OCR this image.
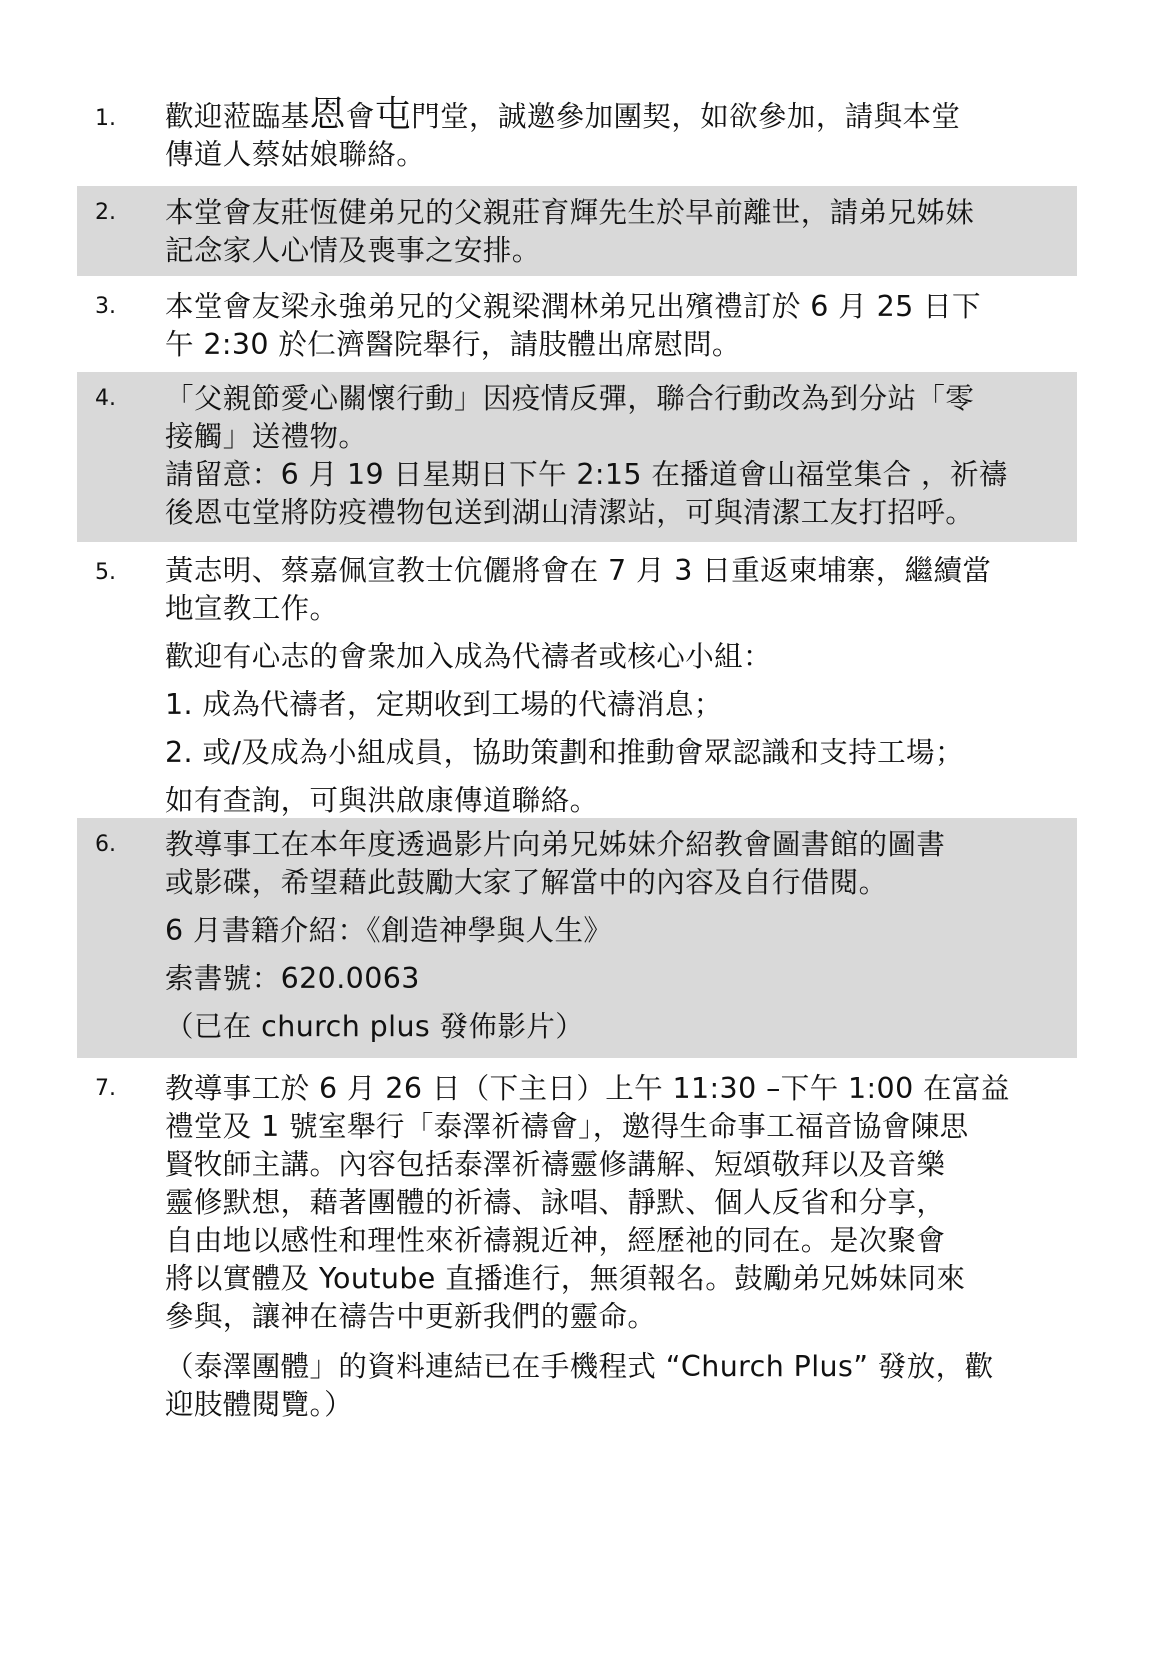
1. 歡迎蒞臨基恩會屯門堂，誠邀參加團契，如欲參加，請與本堂
傳道人蔡姑娘聯絡。
2. 本堂會友莊恆健弟兄的父親莊育輝先生於早前離世，請弟兄姊妹
記念家人心情及喪事之安排。
3. 本堂會友梁永強弟兄的父親梁潤林弟兄出殯禮訂於 6 月 25 日下
午 2:30 於仁濟醫院舉行，請肢體出席慰問。
4. 「父親節愛心關懷行動」因疫情反彈，聯合行動改為到分站「零
接觸」送禮物。
請留意：6 月 19 日星期日下午 2:15 在播道會山福堂集合 ，祈禱
後恩屯堂將防疫禮物包送到湖山清潔站，可與清潔工友打招呼。
5. 黃志明、蔡嘉佩宣教士伉儷將會在 7 月 3 日重返柬埔寨，繼續當
地宣教工作。
歡迎有心志的會衆加入成為代禱者或核心小組：
1. 成為代禱者，定期收到工場的代禱消息；
2. 或/及成為小組成員，協助策劃和推動會眾認識和支持工場；
如有查詢，可與洪啟康傳道聯絡。
6. 教導事工在本年度透過影片向弟兄姊妹介紹教會圖書館的圖書
或影碟，希望藉此鼓勵大家了解當中的內容及自行借閱。
6 月書籍介紹：《創造神學與人生》
索書號：620.0063
（已在 church plus 發佈影片）
7. 教導事工於 6 月 26 日（下主日）上午 11:30 –下午 1:00 在富益
禮堂及 1 號室舉行「泰澤祈禱會」，邀得生命事工福音協會陳思
賢牧師主講。內容包括泰澤祈禱靈修講解、短頌敬拜以及音樂
靈修默想，藉著團體的祈禱、詠唱、靜默、個人反省和分享，
自由地以感性和理性來祈禱親近神，經歷祂的同在。是次聚會
將以實體及 Youtube 直播進行，無須報名。鼓勵弟兄姊妹同來
參與，讓神在禱告中更新我們的靈命。
（泰澤團體」的資料連結已在手機程式 “Church Plus” 發放，歡
迎肢體閱覽。）
